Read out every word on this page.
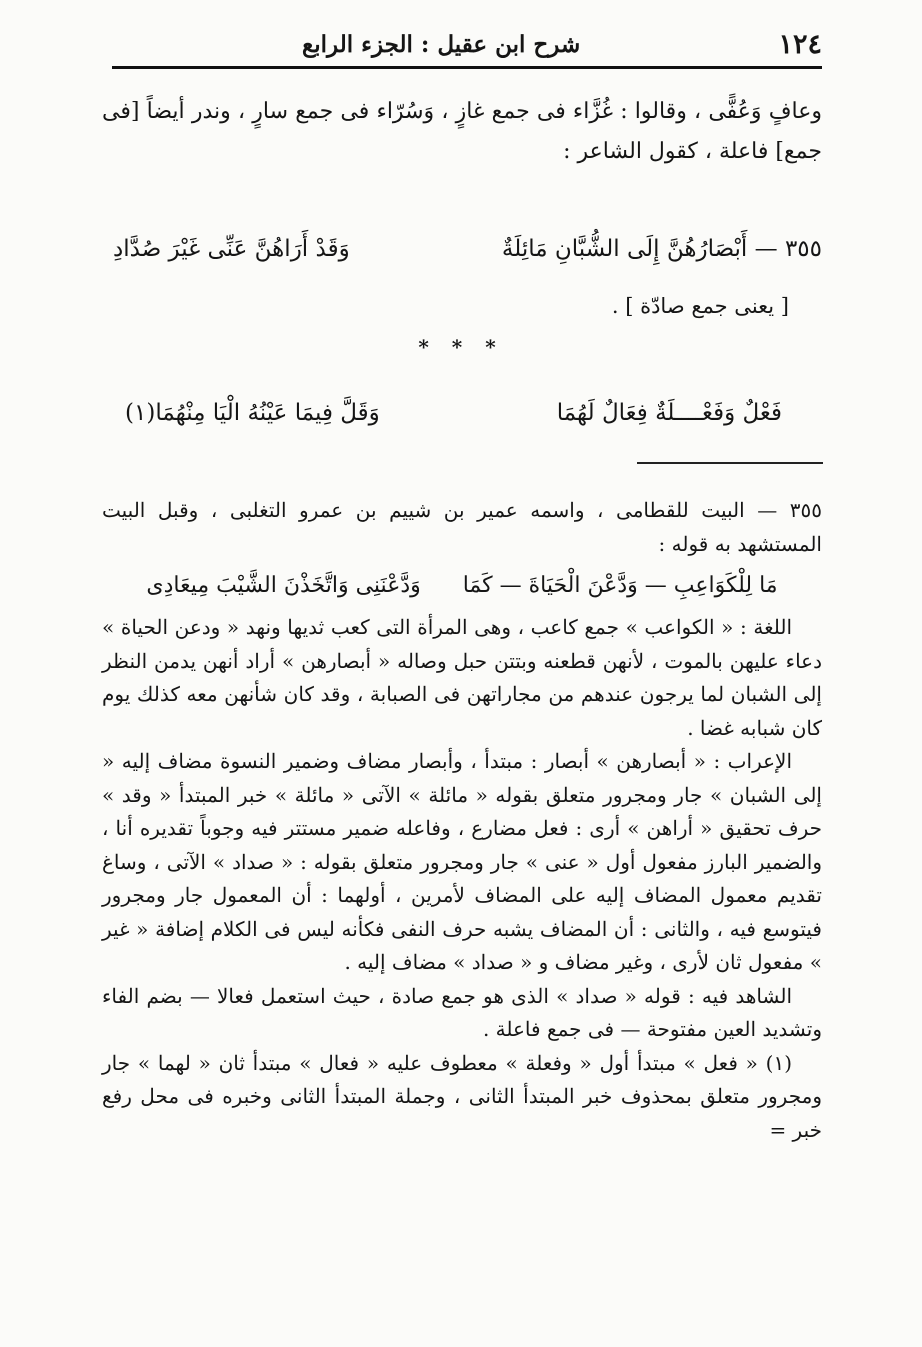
١٢٤
شرح ابن عقيل : الجزء الرابع
وعافٍ وَعُفًّى ، وقالوا : غُزَّاء فى جمع غازٍ ، وَسُرّاء فى جمع سارٍ ، وندر أيضاً [فى جمع] فاعلة ، كقول الشاعر :
٣٥٥ — أَبْصَارُهُنَّ إِلَى الشُّبَّانِ مَائِلَةٌ
وَقَدْ أَرَاهُنَّ عَنِّى غَيْرَ صُدَّادِ
[ يعنى جمع صادّة ] .
* * *
فَعْلٌ وَفَعْــــلَةٌ فِعَالٌ لَهُمَا
وَقَلَّ فِيمَا عَيْنُهُ الْيَا مِنْهُمَا(١)

٣٥٥ — البيت للقطامى ، واسمه عمير بن شييم بن عمرو التغلبى ، وقبل البيت المستشهد به قوله :

مَا لِلْكَوَاعِبِ — وَدَّعْنَ الْحَيَاةَ — كَمَا      وَدَّعْنَنِى وَاتَّخَذْنَ الشَّيْبَ مِيعَادِى

اللغة : « الكواعب » جمع كاعب ، وهى المرأة التى كعب ثديها ونهد « ودعن الحياة » دعاء عليهن بالموت ، لأنهن قطعنه وبتتن حبل وصاله « أبصارهن » أراد أنهن يدمن النظر إلى الشبان لما يرجون عندهم من مجاراتهن فى الصبابة ، وقد كان شأنهن معه كذلك يوم كان شبابه غضا .

الإعراب : « أبصارهن » أبصار : مبتدأ ، وأبصار مضاف وضمير النسوة مضاف إليه « إلى الشبان » جار ومجرور متعلق بقوله « مائلة » الآتى « مائلة » خبر المبتدأ « وقد » حرف تحقيق « أراهن » أرى : فعل مضارع ، وفاعله ضمير مستتر فيه وجوباً تقديره أنا ، والضمير البارز مفعول أول « عنى » جار ومجرور متعلق بقوله : « صداد » الآتى ، وساغ تقديم معمول المضاف إليه على المضاف لأمرين ، أولهما : أن المعمول جار ومجرور فيتوسع فيه ، والثانى : أن المضاف يشبه حرف النفى فكأنه ليس فى الكلام إضافة « غير » مفعول ثان لأرى ، وغير مضاف و « صداد » مضاف إليه .

الشاهد فيه : قوله « صداد » الذى هو جمع صادة ، حيث استعمل فعالا — بضم الفاء وتشديد العين مفتوحة — فى جمع فاعلة .

(١) « فعل » مبتدأ أول « وفعلة » معطوف عليه « فعال » مبتدأ ثان « لهما » جار ومجرور متعلق بمحذوف خبر المبتدأ الثانى ، وجملة المبتدأ الثانى وخبره فى محل رفع خبر =
